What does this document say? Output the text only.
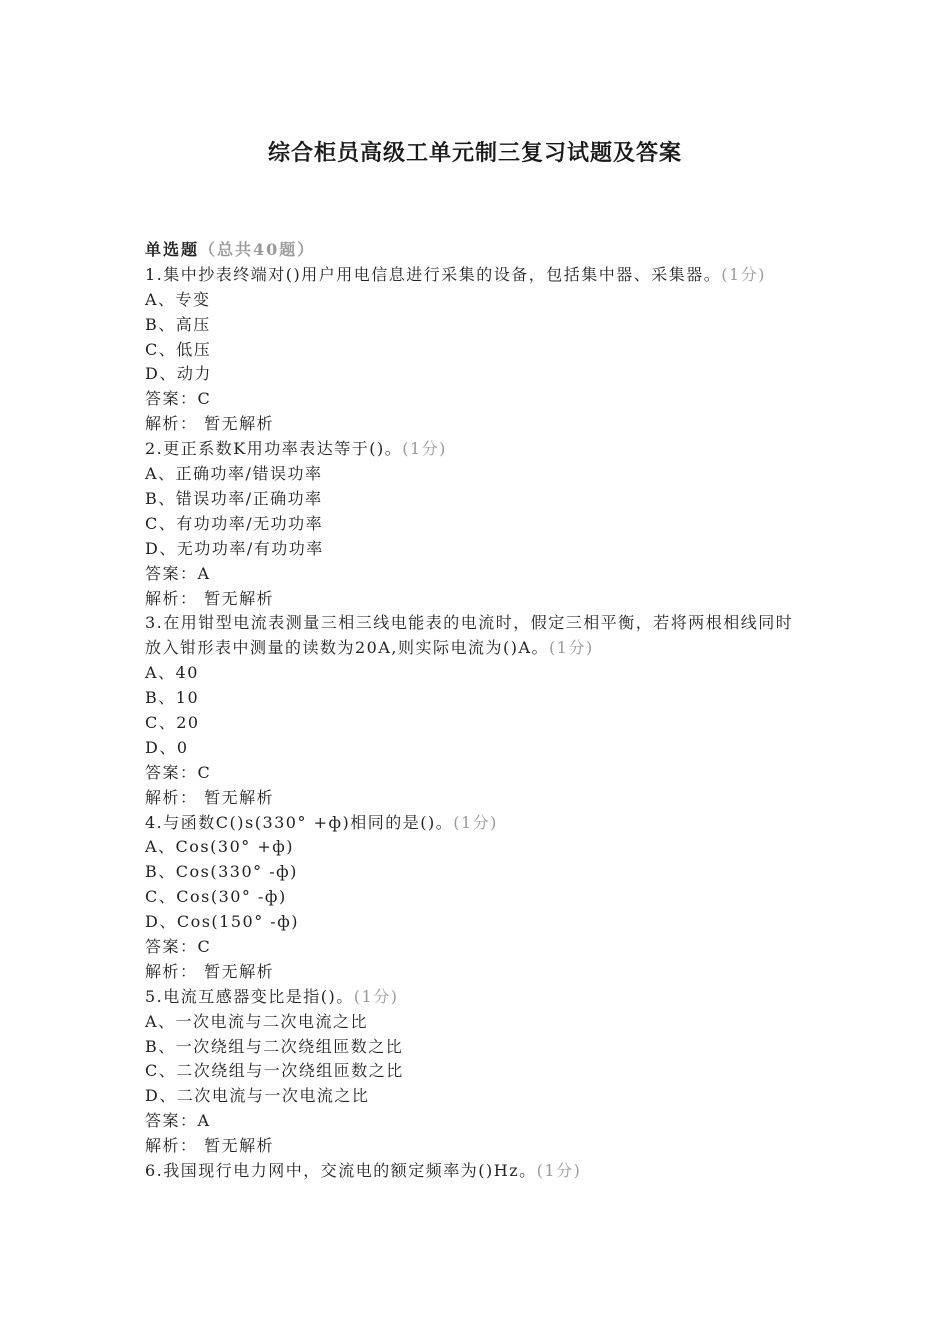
综合柜员高级工单元制三复习试题及答案
单选题（总共40题）
1.集中抄表终端对()用户用电信息进行采集的设备，包括集中器、采集器。(1分)
A、专变
B、高压
C、低压
D、动力
答案：C
解析： 暂无解析
2.更正系数K用功率表达等于()。(1分)
A、正确功率/错误功率
B、错误功率/正确功率
C、有功功率/无功功率
D、无功功率/有功功率
答案：A
解析： 暂无解析
3.在用钳型电流表测量三相三线电能表的电流时，假定三相平衡，若将两根相线同时放入钳形表中测量的读数为20A,则实际电流为()A。(1分)
A、40
B、10
C、20
D、0
答案：C
解析： 暂无解析
4.与函数C()s(330° +ф)相同的是()。(1分)
A、Cos(30° +ф)
B、Cos(330° -ф)
C、Cos(30° -ф)
D、Cos(150° -ф)
答案：C
解析： 暂无解析
5.电流互感器变比是指()。(1分)
A、一次电流与二次电流之比
B、一次绕组与二次绕组匝数之比
C、二次绕组与一次绕组匝数之比
D、二次电流与一次电流之比
答案：A
解析： 暂无解析
6.我国现行电力网中，交流电的额定频率为()Hz。(1分)
